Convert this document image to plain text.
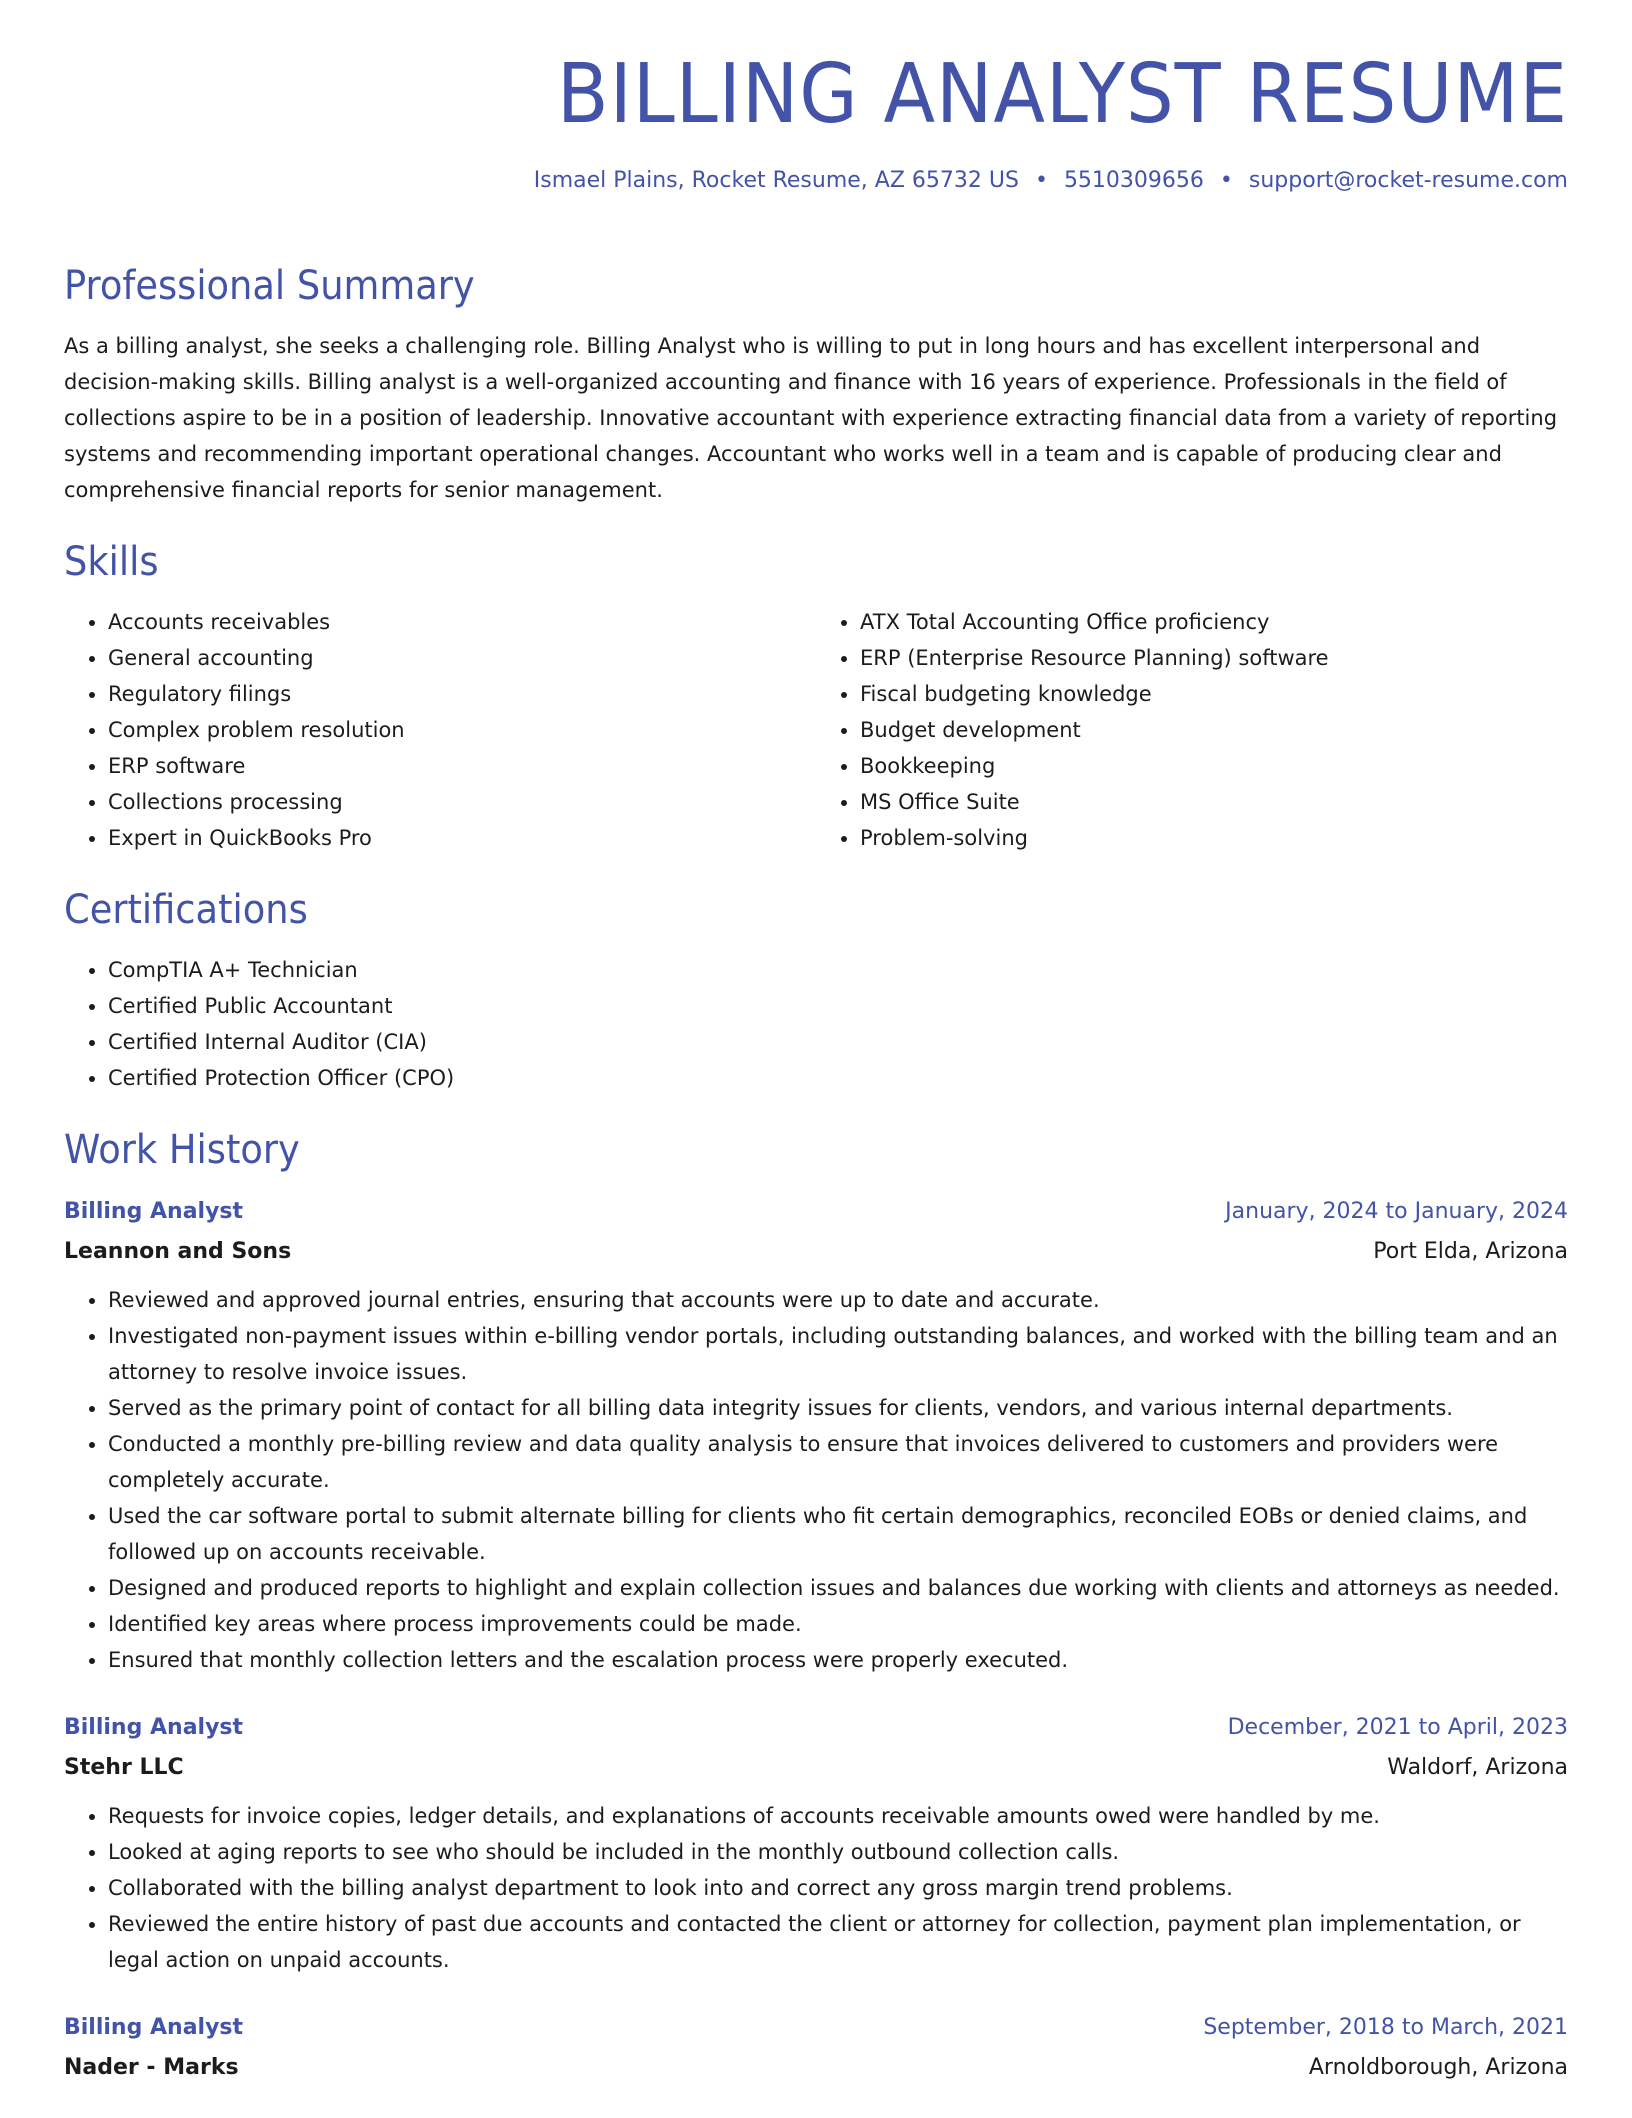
BILLING ANALYST RESUME
Ismael Plains, Rocket Resume, AZ 65732 US • 5510309656 • support@rocket-resume.com
Professional Summary

As a billing analyst, she seeks a challenging role. Billing Analyst who is willing to put in long hours and has excellent interpersonal and decision-making skills. Billing analyst is a well-organized accounting and finance with 16 years of experience. Professionals in the field of collections aspire to be in a position of leadership. Innovative accountant with experience extracting financial data from a variety of reporting systems and recommending important operational changes. Accountant who works well in a team and is capable of producing clear and comprehensive financial reports for senior management.

Skills
• Accounts receivables
• General accounting
• Regulatory filings
• Complex problem resolution
• ERP software
• Collections processing
• Expert in QuickBooks Pro
• ATX Total Accounting Office proficiency
• ERP (Enterprise Resource Planning) software
• Fiscal budgeting knowledge
• Budget development
• Bookkeeping
• MS Office Suite
• Problem-solving
Certifications
• CompTIA A+ Technician
• Certified Public Accountant
• Certified Internal Auditor (CIA)
• Certified Protection Officer (CPO)
Work History
Billing Analyst	January, 2024 to January, 2024
Leannon and Sons	Port Elda, Arizona
• Reviewed and approved journal entries, ensuring that accounts were up to date and accurate.
• Investigated non-payment issues within e-billing vendor portals, including outstanding balances, and worked with the billing team and an attorney to resolve invoice issues.
• Served as the primary point of contact for all billing data integrity issues for clients, vendors, and various internal departments.
• Conducted a monthly pre-billing review and data quality analysis to ensure that invoices delivered to customers and providers were completely accurate.
• Used the car software portal to submit alternate billing for clients who fit certain demographics, reconciled EOBs or denied claims, and followed up on accounts receivable.
• Designed and produced reports to highlight and explain collection issues and balances due working with clients and attorneys as needed.
• Identified key areas where process improvements could be made.
• Ensured that monthly collection letters and the escalation process were properly executed.
Billing Analyst	December, 2021 to April, 2023
Stehr LLC	Waldorf, Arizona
• Requests for invoice copies, ledger details, and explanations of accounts receivable amounts owed were handled by me.
• Looked at aging reports to see who should be included in the monthly outbound collection calls.
• Collaborated with the billing analyst department to look into and correct any gross margin trend problems.
• Reviewed the entire history of past due accounts and contacted the client or attorney for collection, payment plan implementation, or legal action on unpaid accounts.
Billing Analyst	September, 2018 to March, 2021
Nader - Marks	Arnoldborough, Arizona
